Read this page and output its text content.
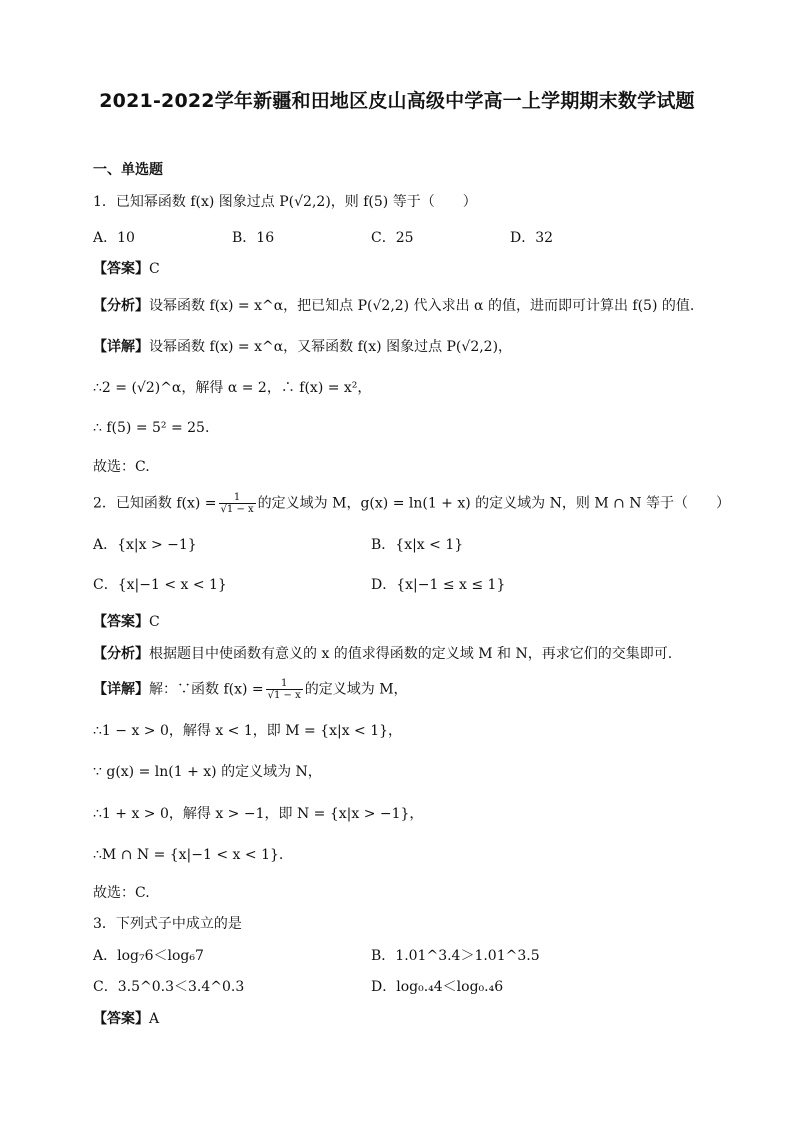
2021-2022学年新疆和田地区皮山高级中学高一上学期期末数学试题
一、单选题
1．已知幂函数 f(x) 图象过点 P(√2,2)，则 f(5) 等于（　　）
A．10	B．16	C．25	D．32
【答案】C
【分析】设幂函数 f(x) = x^α，把已知点 P(√2,2) 代入求出 α 的值，进而即可计算出 f(5) 的值.
【详解】设幂函数 f(x) = x^α，又幂函数 f(x) 图象过点 P(√2,2)，
∴2 = (√2)^α，解得 α = 2，∴ f(x) = x²，
∴ f(5) = 5² = 25.
故选：C.
2．已知函数 $f(x) = \frac{1}{√1 - x}$ 的定义域为 M，g(x) = ln(1 + x) 的定义域为 N，则 M ∩ N 等于（　　）
A．{x|x > −1}	B．{x|x < 1}
C．{x|−1 < x < 1}	D．{x|−1 ≤ x ≤ 1}
【答案】C
【分析】根据题目中使函数有意义的 x 的值求得函数的定义域 M 和 N，再求它们的交集即可.
【详解】解：∵函数 $f(x) = \frac{1}{√1 - x}$ 的定义域为 M，
∴1 − x > 0，解得 x < 1，即 M = {x|x < 1}，
∵ g(x) = ln(1 + x) 的定义域为 N，
∴1 + x > 0，解得 x > −1，即 N = {x|x > −1}，
∴M ∩ N = {x|−1 < x < 1}.
故选：C.
3．下列式子中成立的是
A．log₇6＜log₆7	B．1.01^3.4＞1.01^3.5
C．3.5^0.3＜3.4^0.3	D．log₀.₄4＜log₀.₄6
【答案】A
